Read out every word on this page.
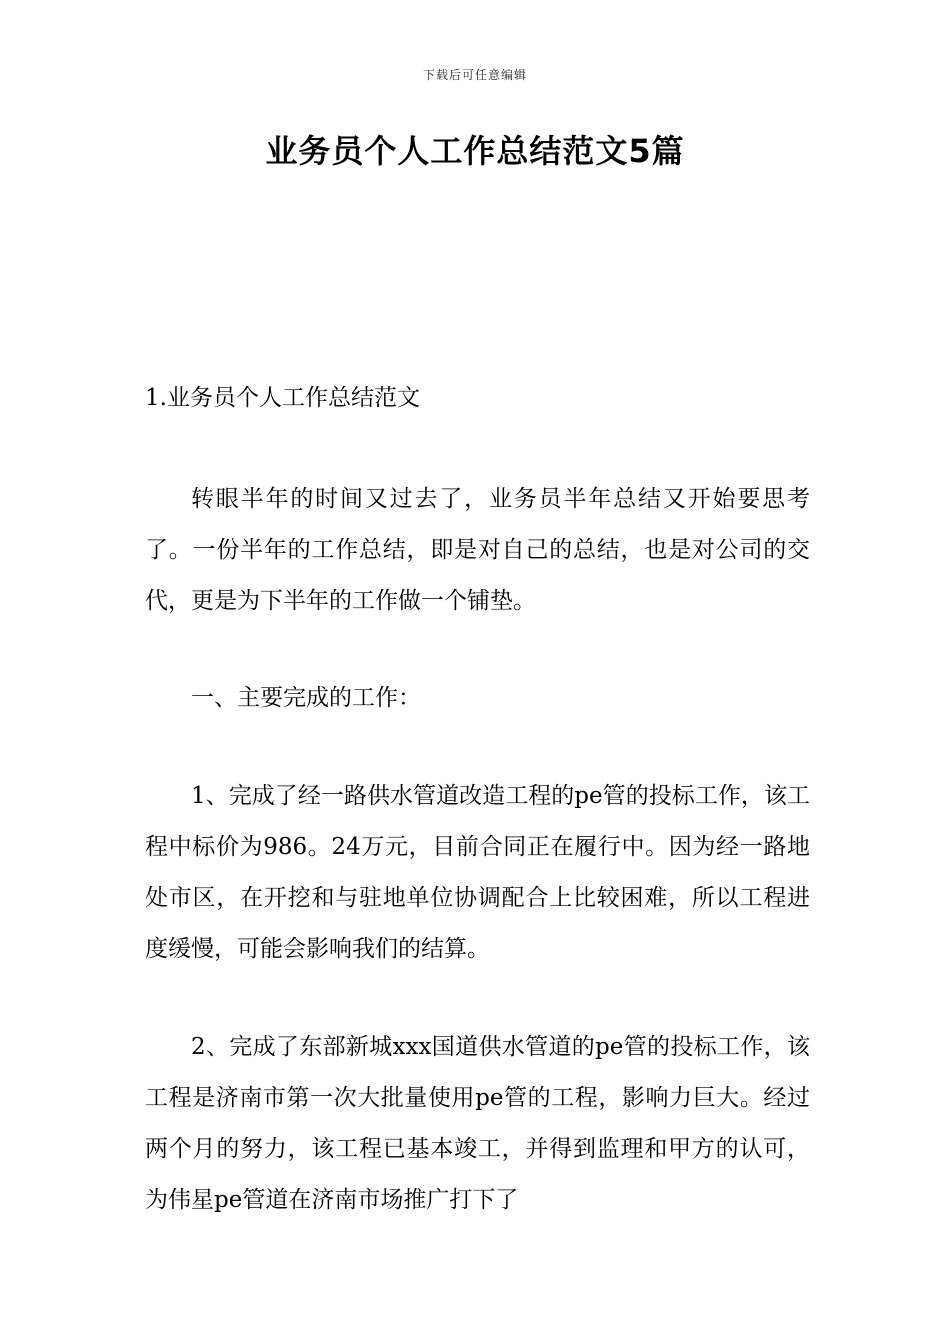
下载后可任意编辑
业务员个人工作总结范文5篇
1.业务员个人工作总结范文

转眼半年的时间又过去了，业务员半年总结又开始要思考了。一份半年的工作总结，即是对自己的总结，也是对公司的交代，更是为下半年的工作做一个铺垫。

一、主要完成的工作：

1、完成了经一路供水管道改造工程的pe管的投标工作，该工程中标价为986。24万元，目前合同正在履行中。因为经一路地处市区，在开挖和与驻地单位协调配合上比较困难，所以工程进度缓慢，可能会影响我们的结算。

2、完成了东部新城xxx国道供水管道的pe管的投标工作，该工程是济南市第一次大批量使用pe管的工程，影响力巨大。经过两个月的努力，该工程已基本竣工，并得到监理和甲方的认可，为伟星pe管道在济南市场推广打下了
